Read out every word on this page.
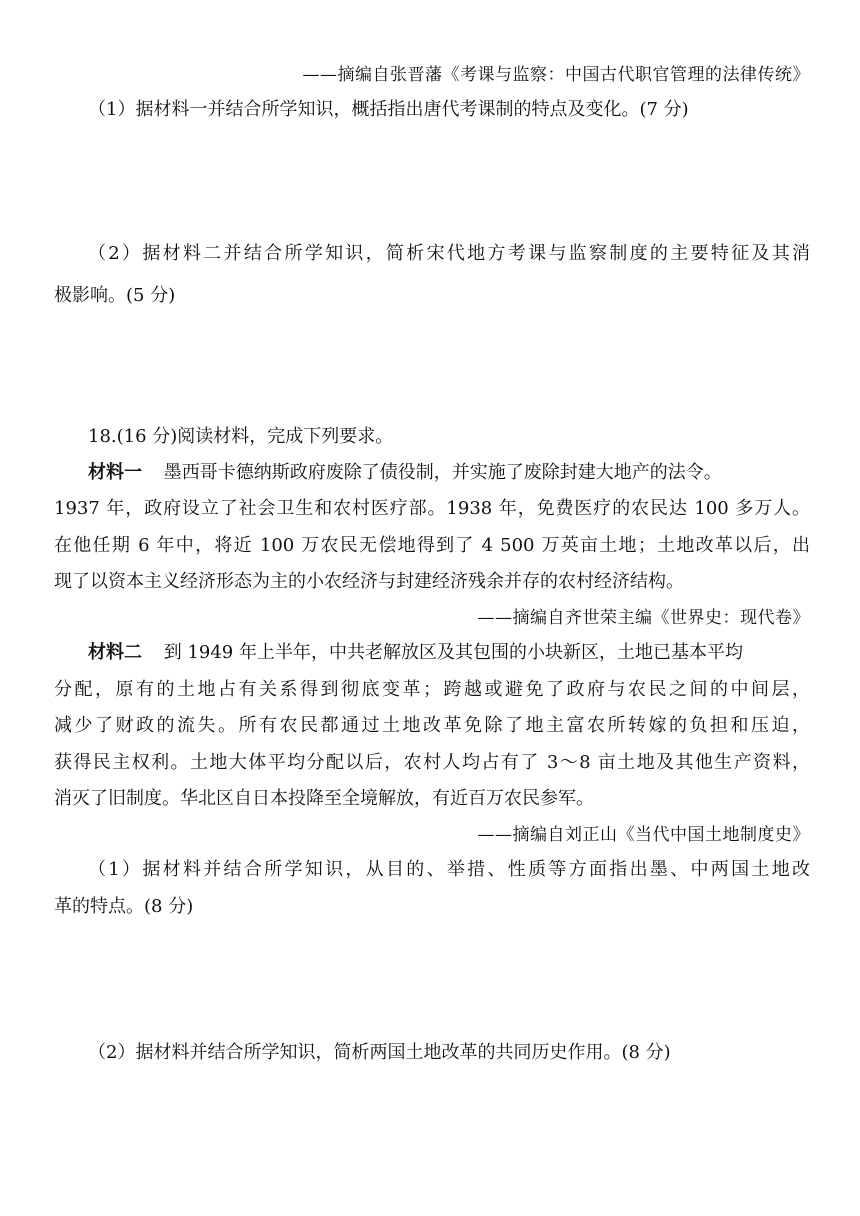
——摘编自张晋藩《考课与监察：中国古代职官管理的法律传统》
（1）据材料一并结合所学知识，概括指出唐代考课制的特点及变化。(7 分)
（2）据材料二并结合所学知识，简析宋代地方考课与监察制度的主要特征及其消
极影响。(5 分)
18.(16 分)阅读材料，完成下列要求。
材料一 墨西哥卡德纳斯政府废除了债役制，并实施了废除封建大地产的法令。
1937 年，政府设立了社会卫生和农村医疗部。1938 年，免费医疗的农民达 100 多万人。
在他任期 6 年中，将近 100 万农民无偿地得到了 4 500 万英亩土地；土地改革以后，出
现了以资本主义经济形态为主的小农经济与封建经济残余并存的农村经济结构。
——摘编自齐世荣主编《世界史：现代卷》
材料二 到 1949 年上半年，中共老解放区及其包围的小块新区，土地已基本平均
分配，原有的土地占有关系得到彻底变革；跨越或避免了政府与农民之间的中间层，
减少了财政的流失。所有农民都通过土地改革免除了地主富农所转嫁的负担和压迫，
获得民主权利。土地大体平均分配以后，农村人均占有了 3～8 亩土地及其他生产资料，
消灭了旧制度。华北区自日本投降至全境解放，有近百万农民参军。
——摘编自刘正山《当代中国土地制度史》
（1）据材料并结合所学知识，从目的、举措、性质等方面指出墨、中两国土地改
革的特点。(8 分)
（2）据材料并结合所学知识，简析两国土地改革的共同历史作用。(8 分)
